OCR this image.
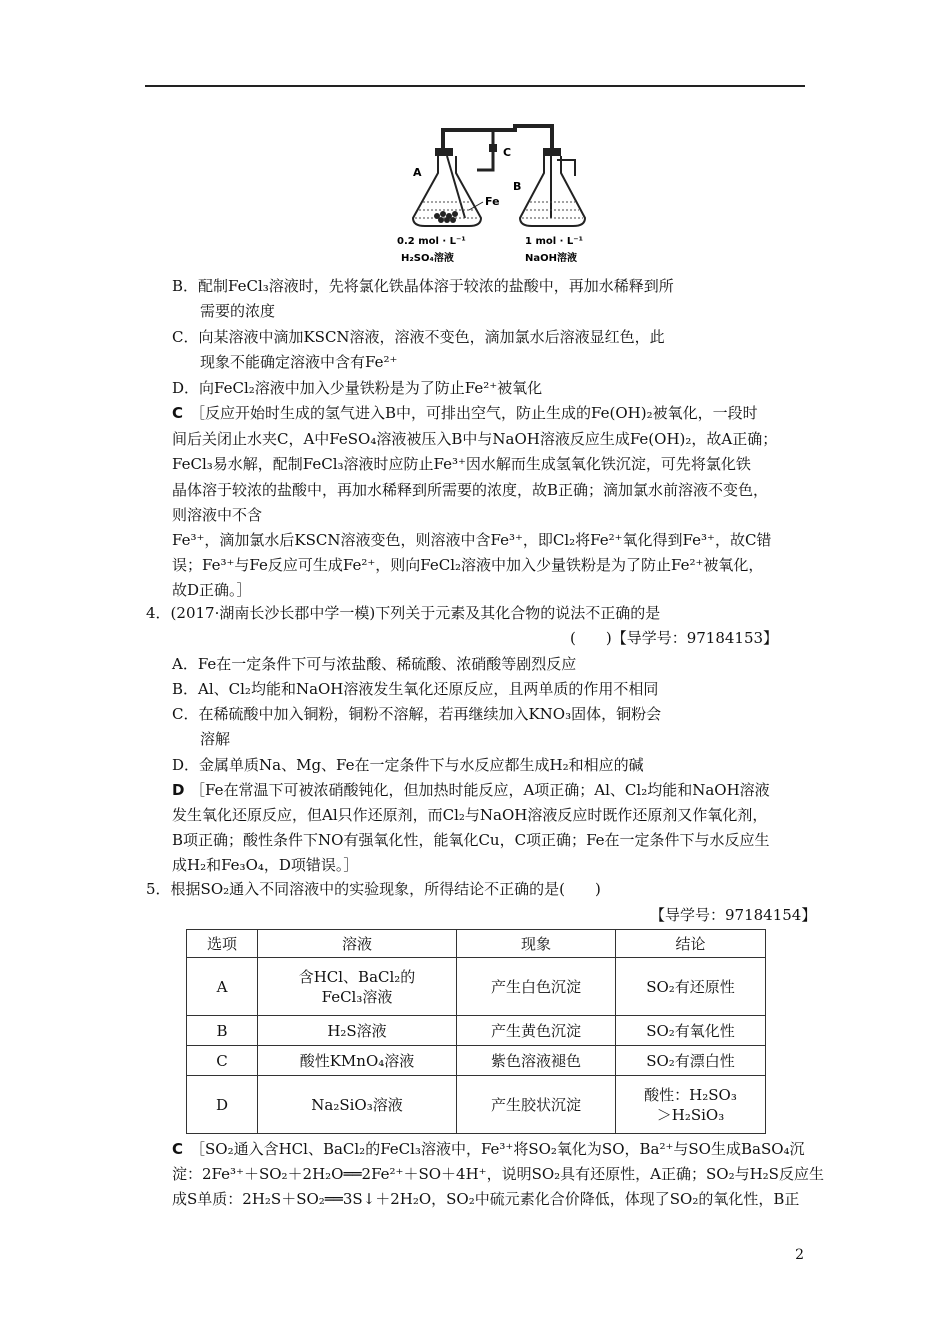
A
B
C
Fe
0.2 mol · L⁻¹
H₂SO₄溶液
1 mol · L⁻¹
NaOH溶液
B．配制FeCl₃溶液时，先将氯化铁晶体溶于较浓的盐酸中，再加水稀释到所
需要的浓度
C．向某溶液中滴加KSCN溶液，溶液不变色，滴加氯水后溶液显红色，此
现象不能确定溶液中含有Fe²⁺
D．向FeCl₂溶液中加入少量铁粉是为了防止Fe²⁺被氧化
C ［反应开始时生成的氢气进入B中，可排出空气，防止生成的Fe(OH)₂被氧化，一段时
间后关闭止水夹C，A中FeSO₄溶液被压入B中与NaOH溶液反应生成Fe(OH)₂，故A正确；
FeCl₃易水解，配制FeCl₃溶液时应防止Fe³⁺因水解而生成氢氧化铁沉淀，可先将氯化铁
晶体溶于较浓的盐酸中，再加水稀释到所需要的浓度，故B正确；滴加氯水前溶液不变色，
则溶液中不含
Fe³⁺，滴加氯水后KSCN溶液变色，则溶液中含Fe³⁺，即Cl₂将Fe²⁺氧化得到Fe³⁺，故C错
误；Fe³⁺与Fe反应可生成Fe²⁺，则向FeCl₂溶液中加入少量铁粉是为了防止Fe²⁺被氧化，
故D正确。］
4．(2017·湖南长沙长郡中学一模)下列关于元素及其化合物的说法不正确的是
(　　)【导学号：97184153】
A．Fe在一定条件下可与浓盐酸、稀硫酸、浓硝酸等剧烈反应
B．Al、Cl₂均能和NaOH溶液发生氧化还原反应，且两单质的作用不相同
C．在稀硫酸中加入铜粉，铜粉不溶解，若再继续加入KNO₃固体，铜粉会
溶解
D．金属单质Na、Mg、Fe在一定条件下与水反应都生成H₂和相应的碱
D ［Fe在常温下可被浓硝酸钝化，但加热时能反应，A项正确；Al、Cl₂均能和NaOH溶液
发生氧化还原反应，但Al只作还原剂，而Cl₂与NaOH溶液反应时既作还原剂又作氧化剂，
B项正确；酸性条件下NO有强氧化性，能氧化Cu，C项正确；Fe在一定条件下与水反应生
成H₂和Fe₃O₄，D项错误。］
5．根据SO₂通入不同溶液中的实验现象，所得结论不正确的是(　　)
【导学号：97184154】
选项	溶液	现象	结论
A	含HCl、BaCl₂的
FeCl₃溶液	产生白色沉淀	SO₂有还原性
B	H₂S溶液	产生黄色沉淀	SO₂有氧化性
C	酸性KMnO₄溶液	紫色溶液褪色	SO₂有漂白性
D	Na₂SiO₃溶液	产生胶状沉淀	酸性：H₂SO₃
＞H₂SiO₃
C ［SO₂通入含HCl、BaCl₂的FeCl₃溶液中，Fe³⁺将SO₂氧化为SO，Ba²⁺与SO生成BaSO₄沉
淀：2Fe³⁺＋SO₂＋2H₂O══2Fe²⁺＋SO＋4H⁺，说明SO₂具有还原性，A正确；SO₂与H₂S反应生
成S单质：2H₂S＋SO₂══3S↓＋2H₂O，SO₂中硫元素化合价降低，体现了SO₂的氧化性，B正
2
